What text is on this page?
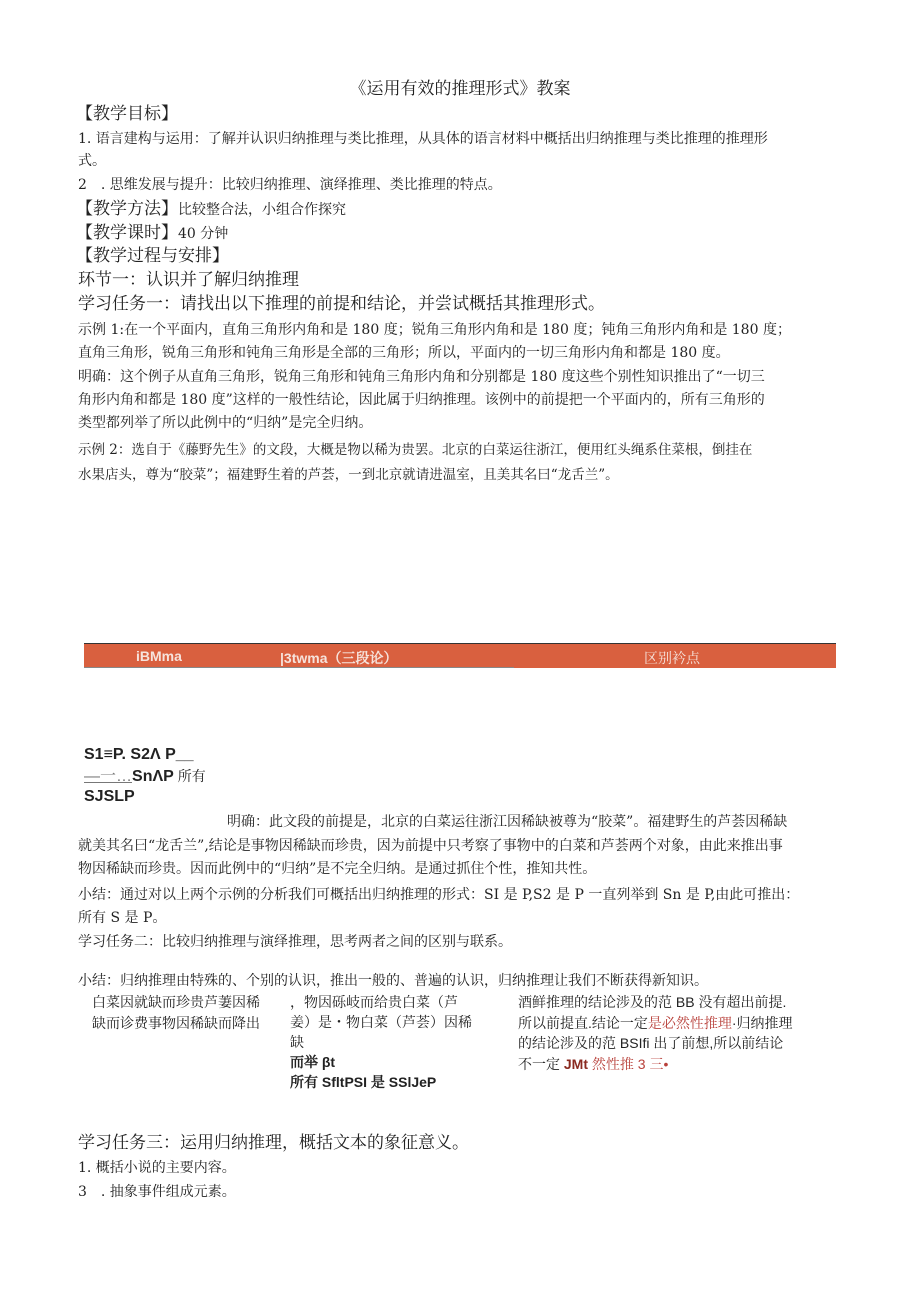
《运用有效的推理形式》教案
【教学目标】
1. 语言建构与运用：了解并认识归纳推理与类比推理，从具体的语言材料中概括出归纳推理与类比推理的推理形
式。
2　. 思维发展与提升：比较归纳推理、演绎推理、类比推理的特点。
【教学方法】比较整合法，小组合作探究
【教学课时】40 分钟
【教学过程与安排】
环节一：认识并了解归纳推理
学习任务一：请找出以下推理的前提和结论，并尝试概括其推理形式。
示例 1:在一个平面内，直角三角形内角和是 180 度；锐角三角形内角和是 180 度；钝角三角形内角和是 180 度；
直角三角形，锐角三角形和钝角三角形是全部的三角形；所以，平面内的一切三角形内角和都是 180 度。
明确：这个例子从直角三角形，锐角三角形和钝角三角形内角和分别都是 180 度这些个别性知识推出了“一切三
角形内角和都是 180 度”这样的一般性结论，因此属于归纳推理。该例中的前提把一个平面内的，所有三角形的
类型都列举了所以此例中的“归纳”是完全归纳。
示例 2：选自于《藤野先生》的文段，大概是物以稀为贵罢。北京的白菜运往浙江，便用红头绳系住菜根，倒挂在
水果店头，尊为“胶菜”；福建野生着的芦荟，一到北京就请进温室，且美其名曰“龙舌兰”。
iBMma	|3twma（三段论）	区别衿点
S1≡P. S2Λ P__
—一…SnΛP 所有
SJSLP
明确：此文段的前提是，北京的白菜运往浙江因稀缺被尊为“胶菜”。福建野生的芦荟因稀缺
就美其名曰“龙舌兰”,结论是事物因稀缺而珍贵，因为前提中只考察了事物中的白菜和芦荟两个对象，由此来推出事
物因稀缺而珍贵。因而此例中的“归纳”是不完全归纳。是通过抓住个性，推知共性。
小结：通过对以上两个示例的分析我们可概括出归纳推理的形式：SI 是 P,S2 是 P 一直列举到 Sn 是 P,由此可推出：
所有 S 是 P。
学习任务二：比较归纳推理与演绎推理，思考两者之间的区别与联系。
小结：归纳推理由特殊的、个别的认识，推出一般的、普遍的认识，归纳推理让我们不断获得新知识。
白菜因就缺而珍贵芦萋因稀
缺而诊费事物因稀缺而降出
，物因砾岐而给贵白菜（芦
姜）是・物白菜（芦荟）因稀
缺
而举 βt
所有 SfltPSI 是 SSlJeP
酒鲜推理的结论涉及的范 BB 没有超出前提.
所以前提直.结论一定是必然性推理·归纳推理
的结论涉及的范 BSIfi 出了前想,所以前结论
不一定 JMt 然性推 3 三•
学习任务三：运用归纳推理，概括文本的象征意义。
1. 概括小说的主要内容。
3　. 抽象事件组成元素。
